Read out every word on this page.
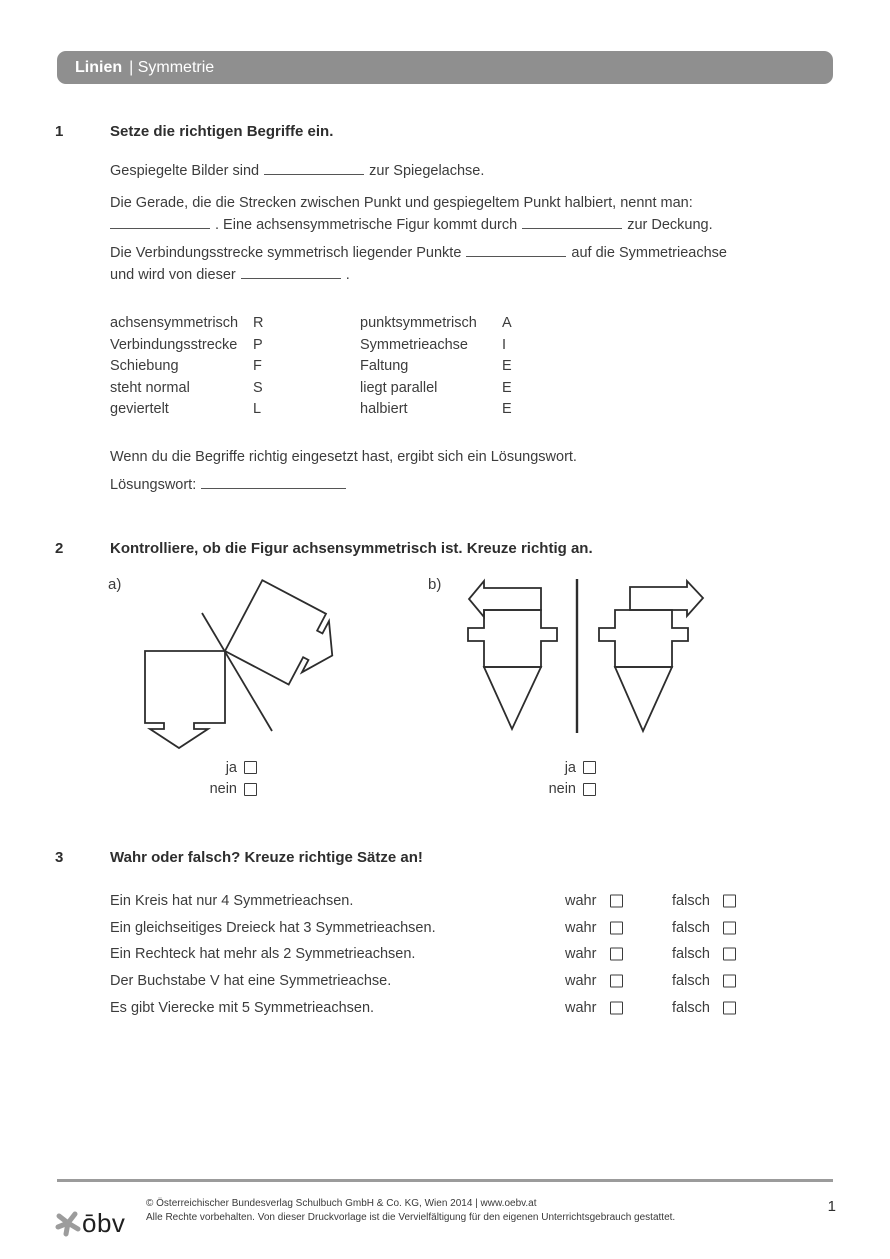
Linien | Symmetrie
1	Setze die richtigen Begriffe ein.
Gespiegelte Bilder sind	zur Spiegelachse.
Die Gerade, die die Strecken zwischen Punkt und gespiegeltem Punkt halbiert, nennt man:
. Eine achsensymmetrische Figur kommt durch	zur Deckung.
Die Verbindungsstrecke symmetrisch liegender Punkte	auf die Symmetrieachse
und wird von dieser	.
achsensymmetrisch R	punktsymmetrisch A
Verbindungsstrecke P	Symmetrieachse I
Schiebung	F	Faltung	E
steht normal	S	liegt parallel	E
geviertelt	L	halbiert	E
Wenn du die Begriffe richtig eingesetzt hast, ergibt sich ein Lösungswort.
Lösungswort:
2	Kontrolliere, ob die Figur achsensymmetrisch ist. Kreuze richtig an.
a)	b)
ja
nein
ja
nein
3	Wahr oder falsch? Kreuze richtige Sätze an!
Ein Kreis hat nur 4 Symmetrieachsen.	wahr	falsch
Ein gleichseitiges Dreieck hat 3 Symmetrieachsen.	wahr	falsch
Ein Rechteck hat mehr als 2 Symmetrieachsen.	wahr	falsch
Der Buchstabe V hat eine Symmetrieachse.	wahr	falsch
Es gibt Vierecke mit 5 Symmetrieachsen.	wahr	falsch
ōbv
© Österreichischer Bundesverlag Schulbuch GmbH & Co. KG, Wien 2014 | www.oebv.at
Alle Rechte vorbehalten. Von dieser Druckvorlage ist die Vervielfältigung für den eigenen Unterrichtsgebrauch gestattet.
1
